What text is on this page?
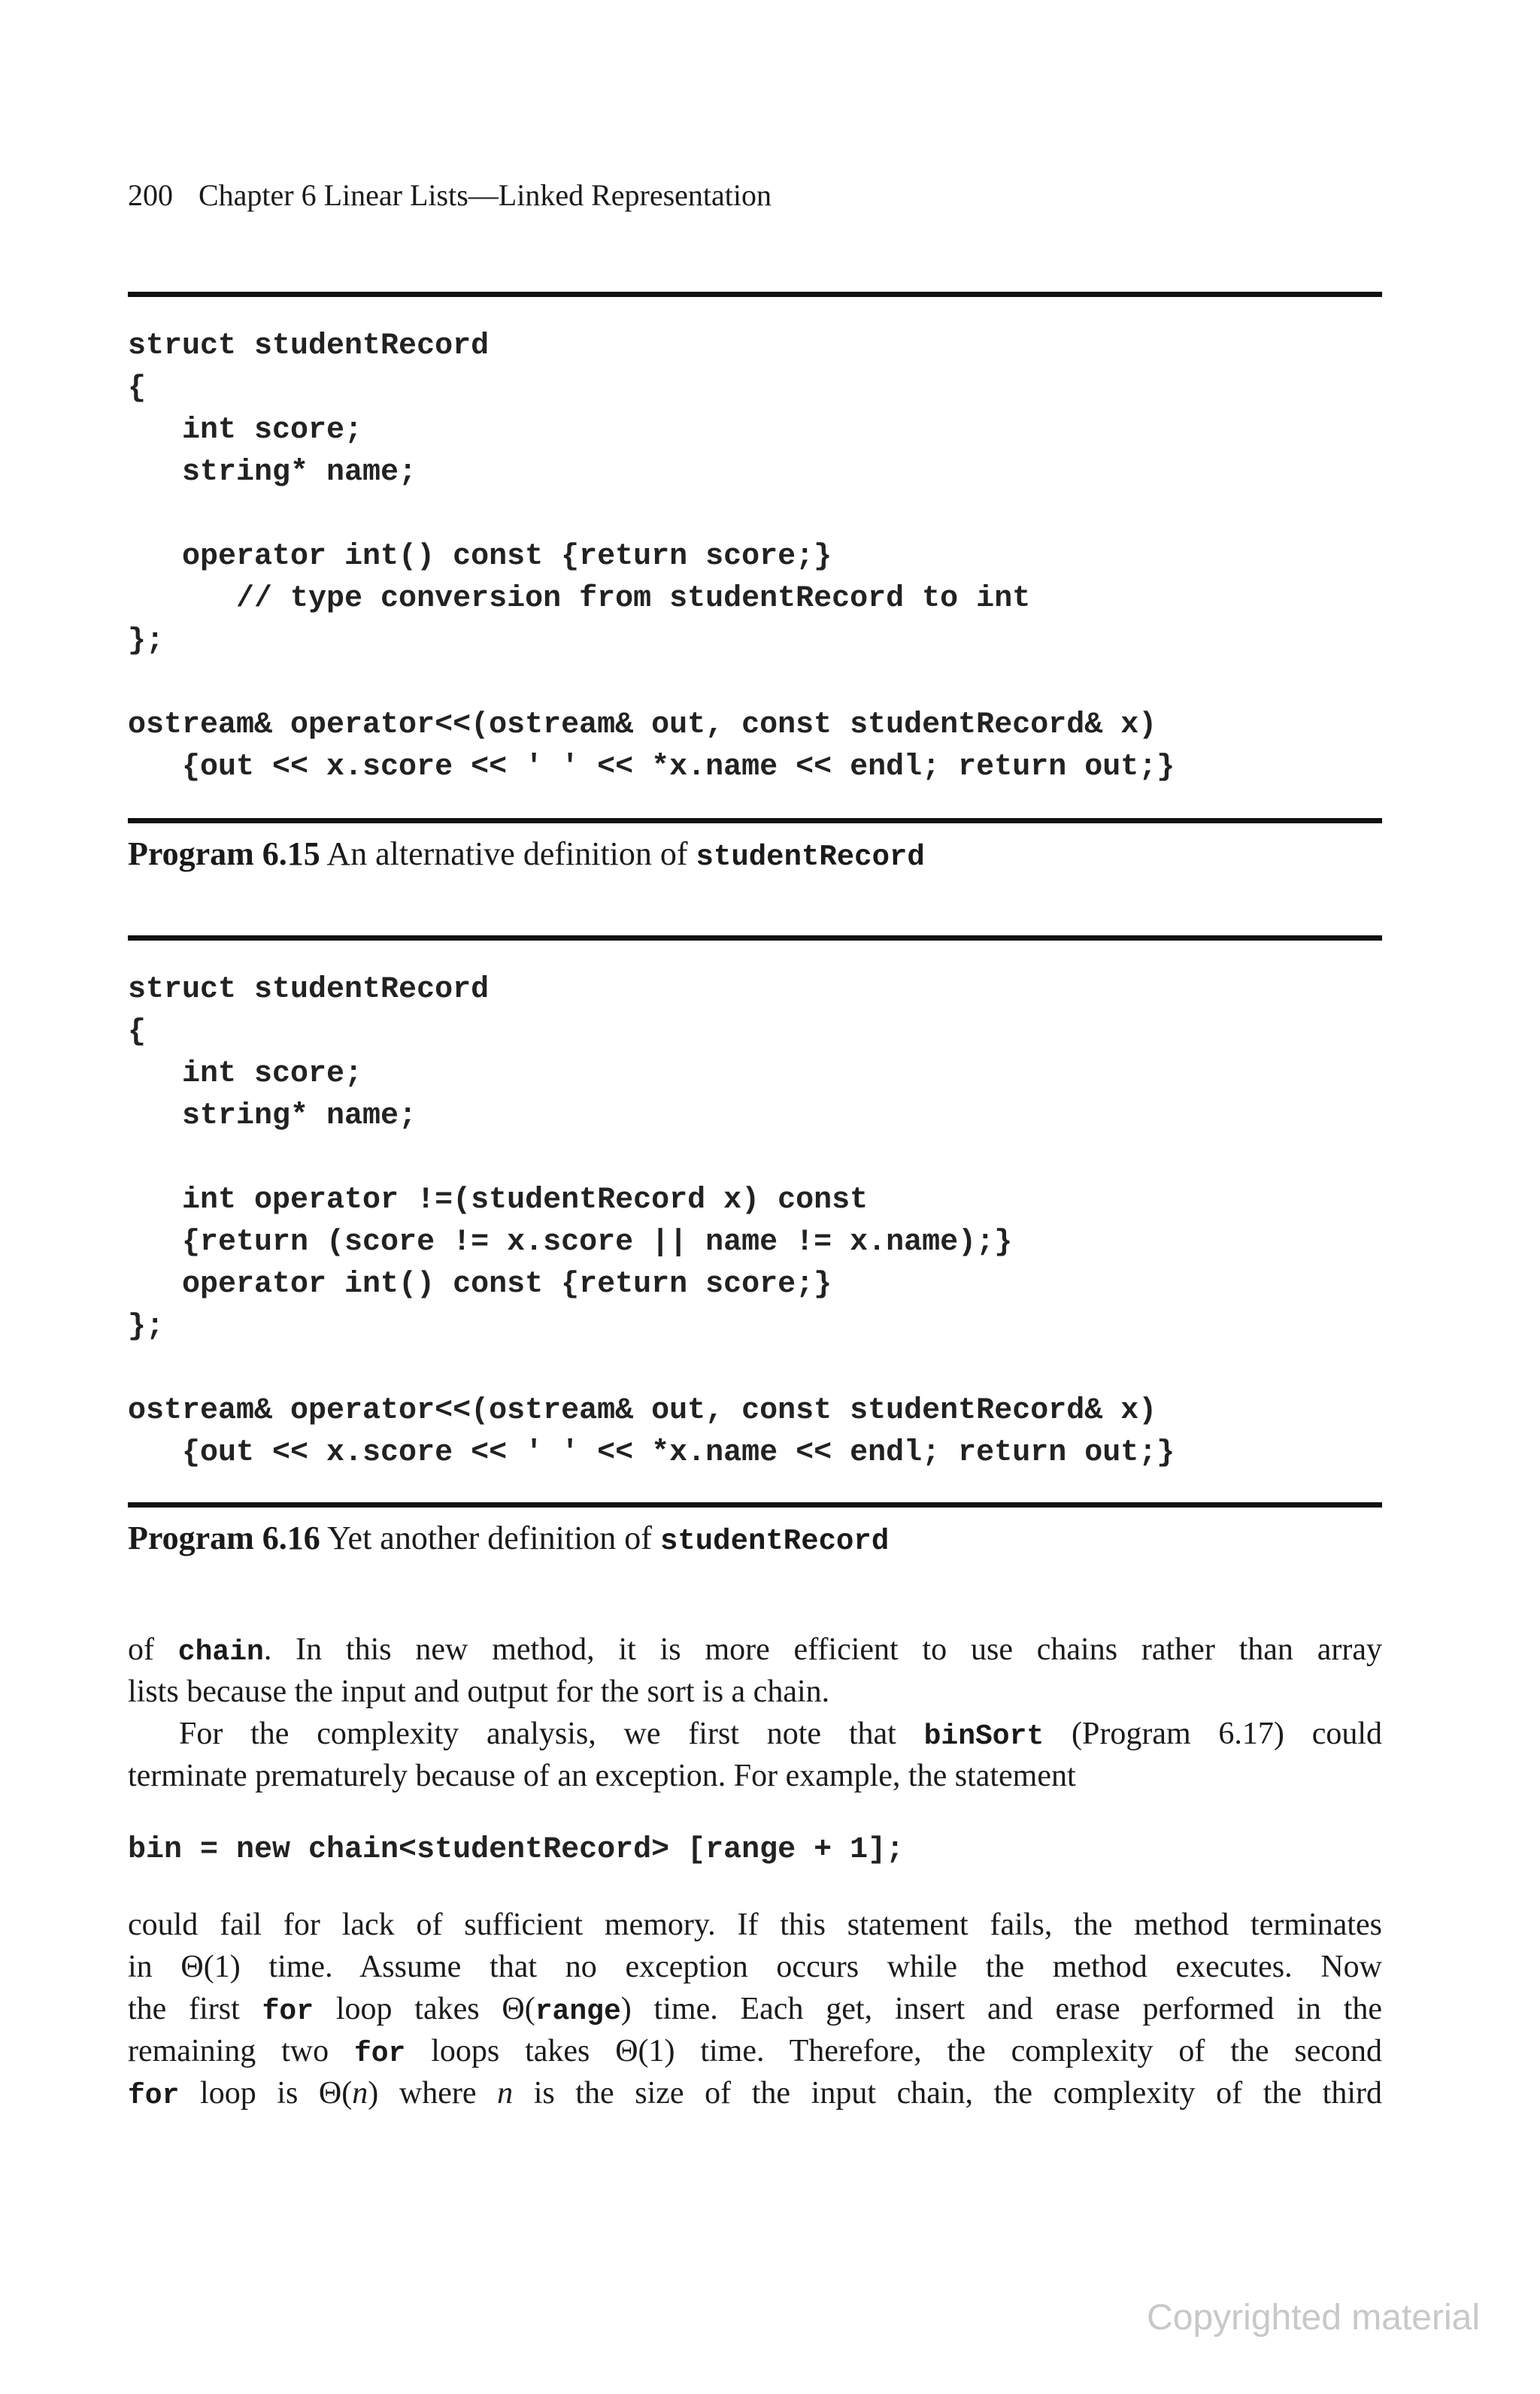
200 Chapter 6 Linear Lists—Linked Representation

struct studentRecord

{

int score;

string* name;

operator int() const {return score;}

// type conversion from studentRecord to int

};

ostream& operator<<(ostream& out, const studentRecord& x)

{out << x.score << ' ' << *x.name << endl; return out;}

Program 6.15 An alternative definition of studentRecord

struct studentRecord

{

int score;

string* name;

int operator !=(studentRecord x) const

{return (score != x.score || name != x.name);}

operator int() const {return score;}

};

ostream& operator<<(ostream& out, const studentRecord& x)

{out << x.score << ' ' << *x.name << endl; return out;}

Program 6.16 Yet another definition of studentRecord
of chain. In this new method, it is more efficient to use chains rather than array
lists because the input and output for the sort is a chain.
For the complexity analysis, we first note that binSort (Program 6.17) could
terminate prematurely because of an exception. For example, the statement
bin = new chain<studentRecord> [range + 1];
could fail for lack of sufficient memory. If this statement fails, the method terminates
in Θ(1) time. Assume that no exception occurs while the method executes. Now
the first for loop takes Θ(range) time. Each get, insert and erase performed in the
remaining two for loops takes Θ(1) time. Therefore, the complexity of the second
for loop is Θ(n) where n is the size of the input chain, the complexity of the third
Copyrighted material
